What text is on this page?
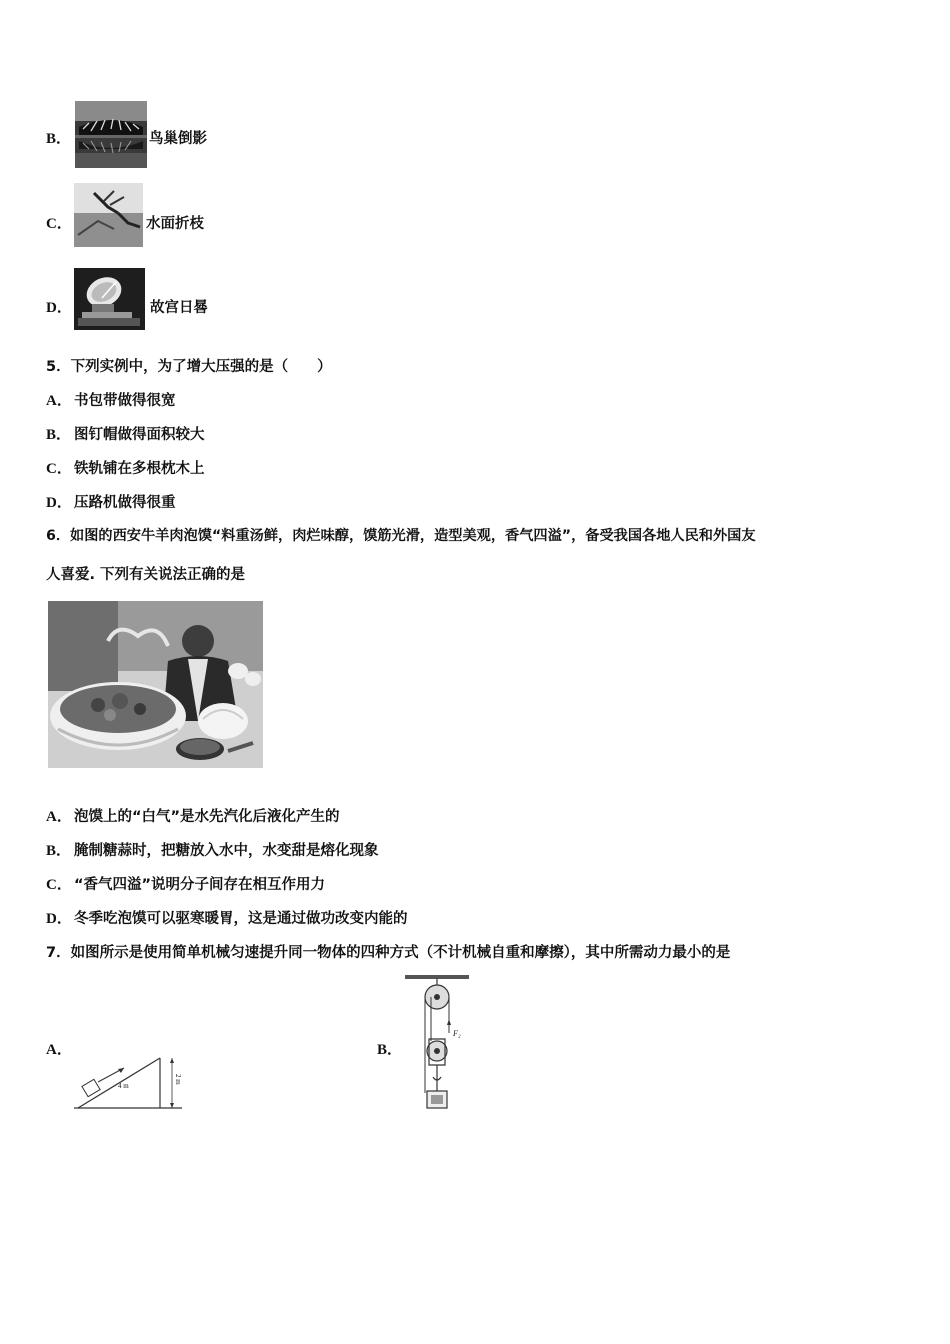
B．	鸟巢倒影
C．	水面折枝
D．	故宫日晷
5．下列实例中，为了增大压强的是（　　）
A． 书包带做得很宽
B． 图钉帽做得面积较大
C． 铁轨铺在多根枕木上
D． 压路机做得很重
6．如图的西安牛羊肉泡馍“料重汤鲜，肉烂味醇，馍筋光滑，造型美观，香气四溢”，备受我国各地人民和外国友
人喜爱. 下列有关说法正确的是
A． 泡馍上的“白气”是水先汽化后液化产生的
B． 腌制糖蒜时，把糖放入水中，水变甜是熔化现象
C． “香气四溢”说明分子间存在相互作用力
D． 冬季吃泡馍可以驱寒暖胃，这是通过做功改变内能的
7．如图所示是使用简单机械匀速提升同一物体的四种方式（不计机械自重和摩擦），其中所需动力最小的是
A．
4 m
2 m
B．
F₂
